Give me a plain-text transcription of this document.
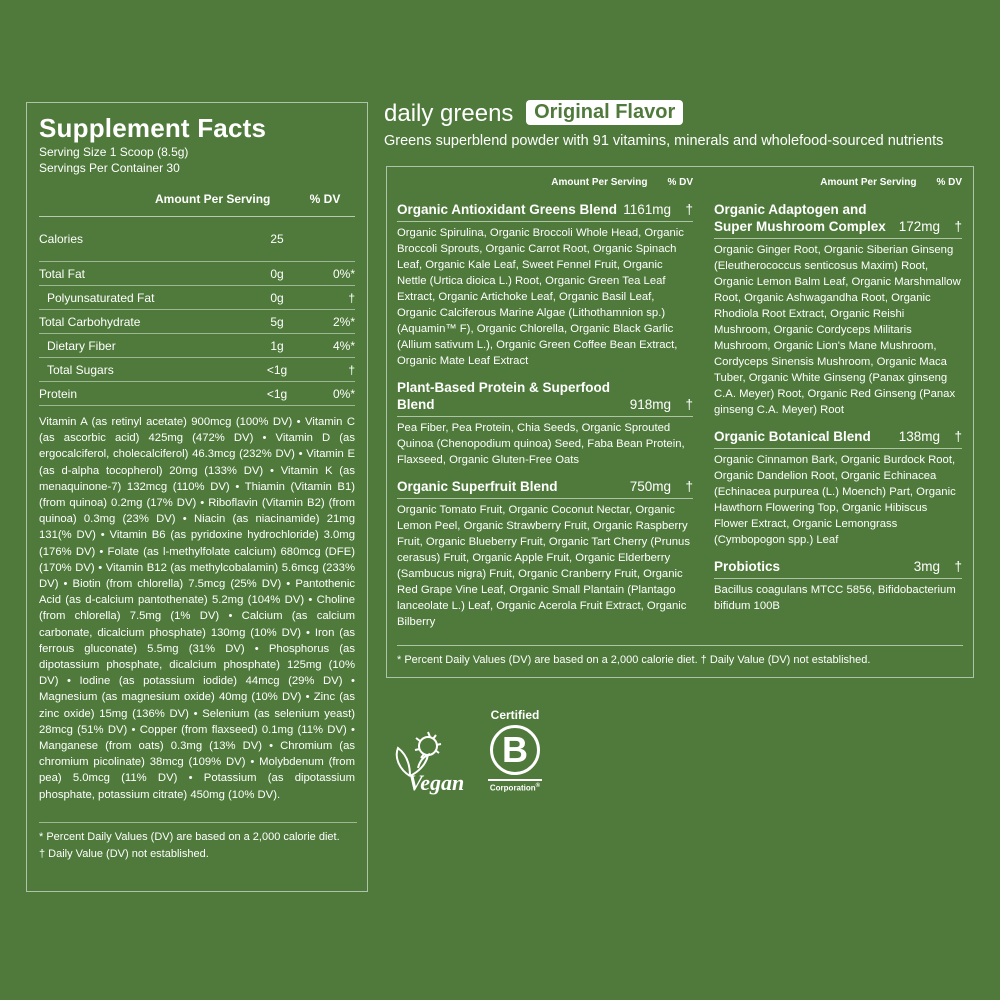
Supplement Facts
Serving Size 1 Scoop (8.5g)
Servings Per Container 30
Amount Per Serving	% DV
Calories	25
Total Fat	0g	0%*
Polyunsaturated Fat	0g	†
Total Carbohydrate	5g	2%*
Dietary Fiber	1g	4%*
Total Sugars	<1g	†
Protein	<1g	0%*
Vitamin A (as retinyl acetate) 900mcg (100% DV) • Vitamin C (as ascorbic acid) 425mg (472% DV) • Vitamin D (as ergocalciferol, cholecalciferol) 46.3mcg (232% DV) • Vitamin E (as d-alpha tocopherol) 20mg (133% DV) • Vitamin K (as menaquinone-7) 132mcg (110% DV) • Thiamin (Vitamin B1) (from quinoa) 0.2mg (17% DV) • Riboflavin (Vitamin B2) (from quinoa) 0.3mg (23% DV) • Niacin (as niacinamide) 21mg 131(% DV) • Vitamin B6 (as pyridoxine hydrochloride) 3.0mg (176% DV) • Folate (as l-methylfolate calcium) 680mcg (DFE) (170% DV) • Vitamin B12 (as methylcobalamin) 5.6mcg (233% DV) • Biotin (from chlorella) 7.5mcg (25% DV) • Pantothenic Acid (as d-calcium pantothenate) 5.2mg (104% DV) • Choline (from chlorella) 7.5mg (1% DV) • Calcium (as calcium carbonate, dicalcium phosphate) 130mg (10% DV) • Iron (as ferrous gluconate) 5.5mg (31% DV) • Phosphorus (as dipotassium phosphate, dicalcium phosphate) 125mg (10% DV) • Iodine (as potassium iodide) 44mcg (29% DV) • Magnesium (as magnesium oxide) 40mg (10% DV) • Zinc (as zinc oxide) 15mg (136% DV) • Selenium (as selenium yeast) 28mcg (51% DV) • Copper (from flaxseed) 0.1mg (11% DV) • Manganese (from oats) 0.3mg (13% DV) • Chromium (as chromium picolinate) 38mcg (109% DV) • Molybdenum (from pea) 5.0mcg (11% DV) • Potassium (as dipotassium phosphate, potassium citrate) 450mg (10% DV).
* Percent Daily Values (DV) are based on a 2,000 calorie diet.
† Daily Value (DV) not established.
daily greens Original Flavor
Greens superblend powder with 91 vitamins, minerals and wholefood-sourced nutrients
Amount Per Serving % DV
Organic Antioxidant Greens Blend 1161mg	†
Organic Spirulina, Organic Broccoli Whole Head, Organic Broccoli Sprouts, Organic Carrot Root, Organic Spinach Leaf, Organic Kale Leaf, Sweet Fennel Fruit, Organic Nettle (Urtica dioica L.) Root, Organic Green Tea Leaf Extract, Organic Artichoke Leaf, Organic Basil Leaf, Organic Calciferous Marine Algae (Lithothamnion sp.) (Aquamin™ F), Organic Chlorella, Organic Black Garlic (Allium sativum L.), Organic Green Coffee Bean Extract, Organic Mate Leaf Extract
Plant-Based Protein & Superfood Blend	918mg	†
Pea Fiber, Pea Protein, Chia Seeds, Organic Sprouted Quinoa (Chenopodium quinoa) Seed, Faba Bean Protein, Flaxseed, Organic Gluten-Free Oats
Organic Superfruit Blend	750mg	†
Organic Tomato Fruit, Organic Coconut Nectar, Organic Lemon Peel, Organic Strawberry Fruit, Organic Raspberry Fruit, Organic Blueberry Fruit, Organic Tart Cherry (Prunus cerasus) Fruit, Organic Apple Fruit, Organic Elderberry (Sambucus nigra) Fruit, Organic Cranberry Fruit, Organic Red Grape Vine Leaf, Organic Small Plantain (Plantago lanceolate L.) Leaf, Organic Acerola Fruit Extract, Organic Bilberry
Amount Per Serving % DV
Organic Adaptogen and Super Mushroom Complex 172mg	†
Organic Ginger Root, Organic Siberian Ginseng (Eleutherococcus senticosus Maxim) Root, Organic Lemon Balm Leaf, Organic Marshmallow Root, Organic Ashwagandha Root, Organic Rhodiola Root Extract, Organic Reishi Mushroom, Organic Cordyceps Militaris Mushroom, Organic Lion's Mane Mushroom, Cordyceps Sinensis Mushroom, Organic Maca Tuber, Organic White Ginseng (Panax ginseng C.A. Meyer) Root, Organic Red Ginseng (Panax ginseng C.A. Meyer) Root
Organic Botanical Blend	138mg	†
Organic Cinnamon Bark, Organic Burdock Root, Organic Dandelion Root, Organic Echinacea (Echinacea purpurea (L.) Moench) Part, Organic Hawthorn Flowering Top, Organic Hibiscus Flower Extract, Organic Lemongrass (Cymbopogon spp.) Leaf
Probiotics	3mg	†
Bacillus coagulans MTCC 5856, Bifidobacterium bifidum 100B
* Percent Daily Values (DV) are based on a 2,000 calorie diet. † Daily Value (DV) not established.
Vegan
Certified
B
Corporation®
